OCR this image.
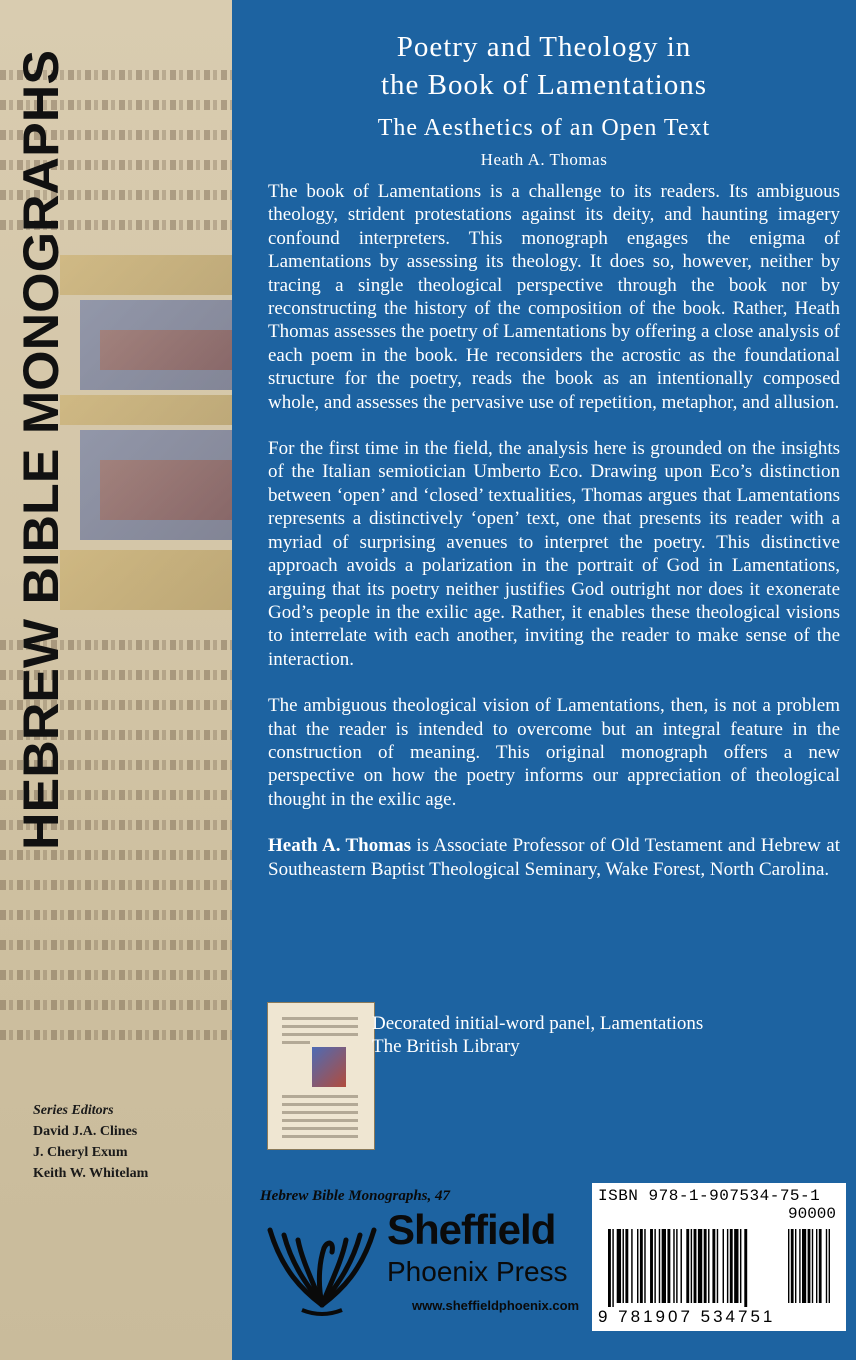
HEBREW BIBLE MONOGRAPHS
Series Editors
David J.A. Clines
J. Cheryl Exum
Keith W. Whitelam
Poetry and Theology in
the Book of Lamentations
The Aesthetics of an Open Text
Heath A. Thomas

The book of Lamentations is a challenge to its readers. Its ambiguous theology, strident protestations against its deity, and haunting imagery confound interpreters. This monograph engages the enigma of Lamentations by assessing its theology. It does so, however, neither by tracing a single theological perspective through the book nor by reconstructing the history of the composition of the book. Rather, Heath Thomas assesses the poetry of Lamentations by offering a close analysis of each poem in the book. He reconsiders the acrostic as the foundational structure for the poetry, reads the book as an intentionally composed whole, and assesses the pervasive use of repetition, metaphor, and allusion.

For the first time in the field, the analysis here is grounded on the insights of the Italian semiotician Umberto Eco. Drawing upon Eco’s distinction between ‘open’ and ‘closed’ textualities, Thomas argues that Lamentations represents a distinctively ‘open’ text, one that presents its reader with a myriad of surprising avenues to interpret the poetry. This distinctive approach avoids a polarization in the portrait of God in Lamentations, arguing that its poetry neither justifies God outright nor does it exonerate God’s people in the exilic age. Rather, it enables these theological visions to interrelate with each another, inviting the reader to make sense of the interaction.

The ambiguous theological vision of Lamentations, then, is not a problem that the reader is intended to overcome but an integral feature in the construction of meaning. This original monograph offers a new perspective on how the poetry informs our appreciation of theological thought in the exilic age.

Heath A. Thomas is Associate Professor of Old Testament and Hebrew at Southeastern Baptist Theological Seminary, Wake Forest, North Carolina.

Decorated initial-word panel, Lamentations
The British Library
Hebrew Bible Monographs, 47
Sheffield
Phoenix Press
www.sheffieldphoenix.com
ISBN 978-1-907534-75-1
90000
9 781907 534751
